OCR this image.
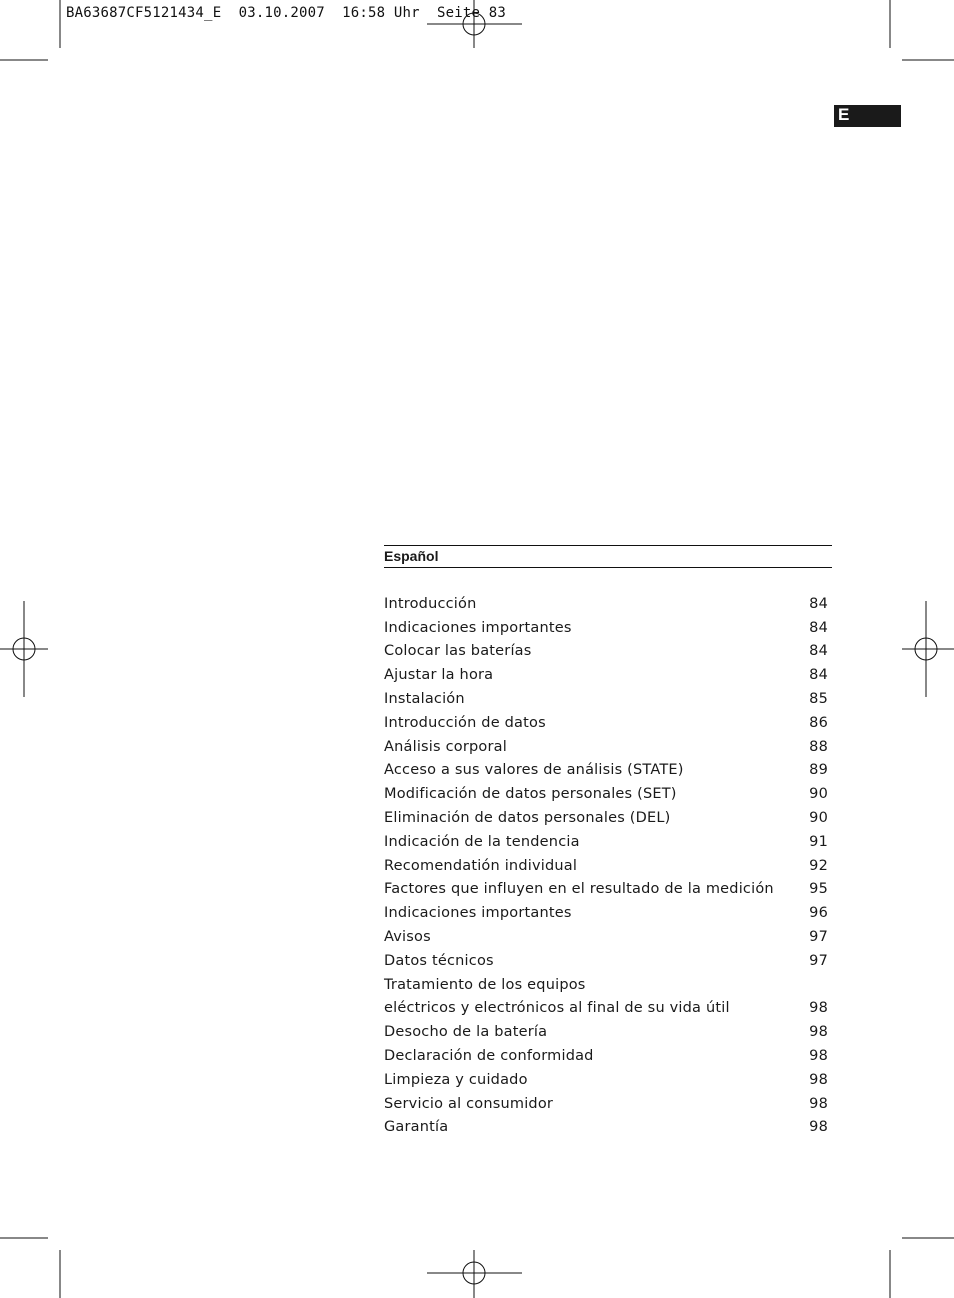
BA63687CF5121434_E  03.10.2007  16:58 Uhr  Seite 83
E
Español
Introducción	84
Indicaciones importantes	84
Colocar las baterías	84
Ajustar la hora	84
Instalación	85
Introducción de datos	86
Análisis corporal	88
Acceso a sus valores de análisis (STATE)	89
Modificación de datos personales (SET)	90
Eliminación de datos personales (DEL)	90
Indicación de la tendencia	91
Recomendatión individual	92
Factores que influyen en el resultado de la medición 95
Indicaciones importantes	96
Avisos	97
Datos técnicos	97
Tratamiento de los equipos
eléctricos y electrónicos al final de su vida útil	98
Desocho de la batería	98
Declaración de conformidad	98
Limpieza y cuidado	98
Servicio al consumidor	98
Garantía	98
